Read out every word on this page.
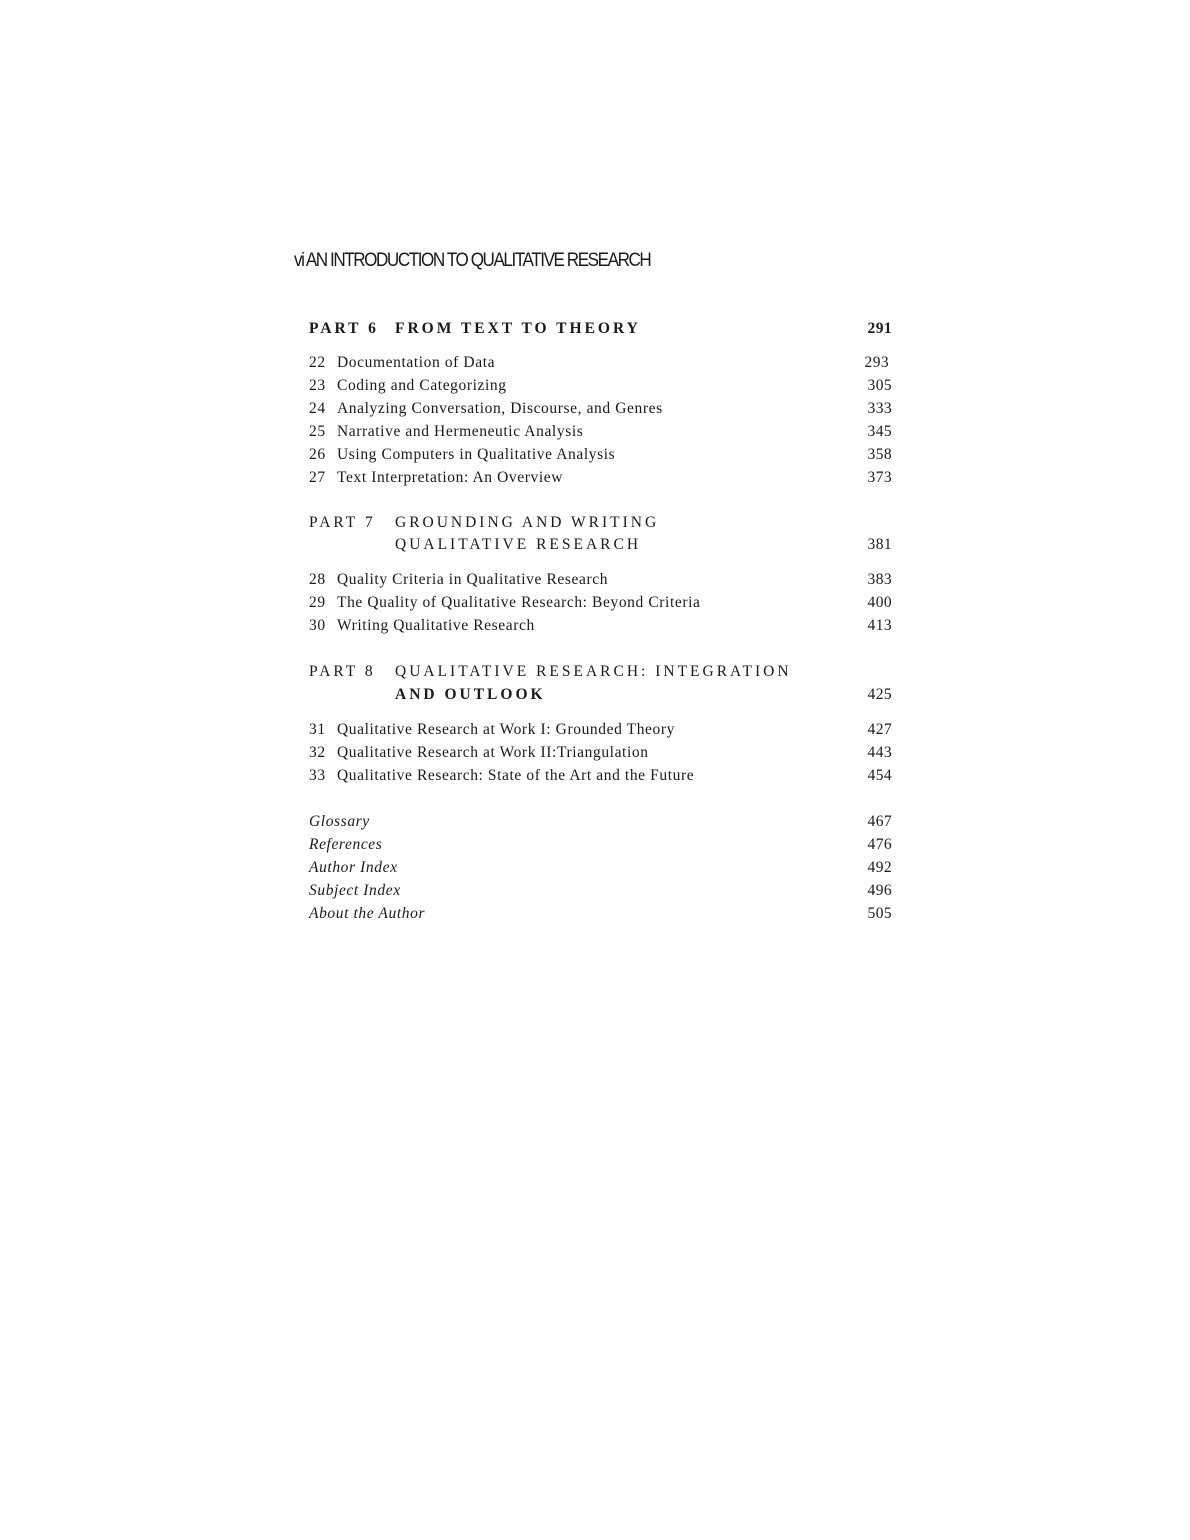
vi AN INTRODUCTION TO QUALITATIVE RESEARCH
PART 6 FROM TEXT TO THEORY	291
22 Documentation of Data	293
23 Coding and Categorizing	305
24 Analyzing Conversation, Discourse, and Genres	333
25 Narrative and Hermeneutic Analysis	345
26 Using Computers in Qualitative Analysis	358
27 Text Interpretation: An Overview	373
PART 7 GROUNDING AND WRITING
QUALITATIVE RESEARCH	381
28 Quality Criteria in Qualitative Research	383
29 The Quality of Qualitative Research: Beyond Criteria	400
30 Writing Qualitative Research	413
PART 8 QUALITATIVE RESEARCH: INTEGRATION
AND OUTLOOK	425
31 Qualitative Research at Work I: Grounded Theory	427
32 Qualitative Research at Work II:Triangulation	443
33 Qualitative Research: State of the Art and the Future	454
Glossary	467
References	476
Author Index	492
Subject Index	496
About the Author	505
